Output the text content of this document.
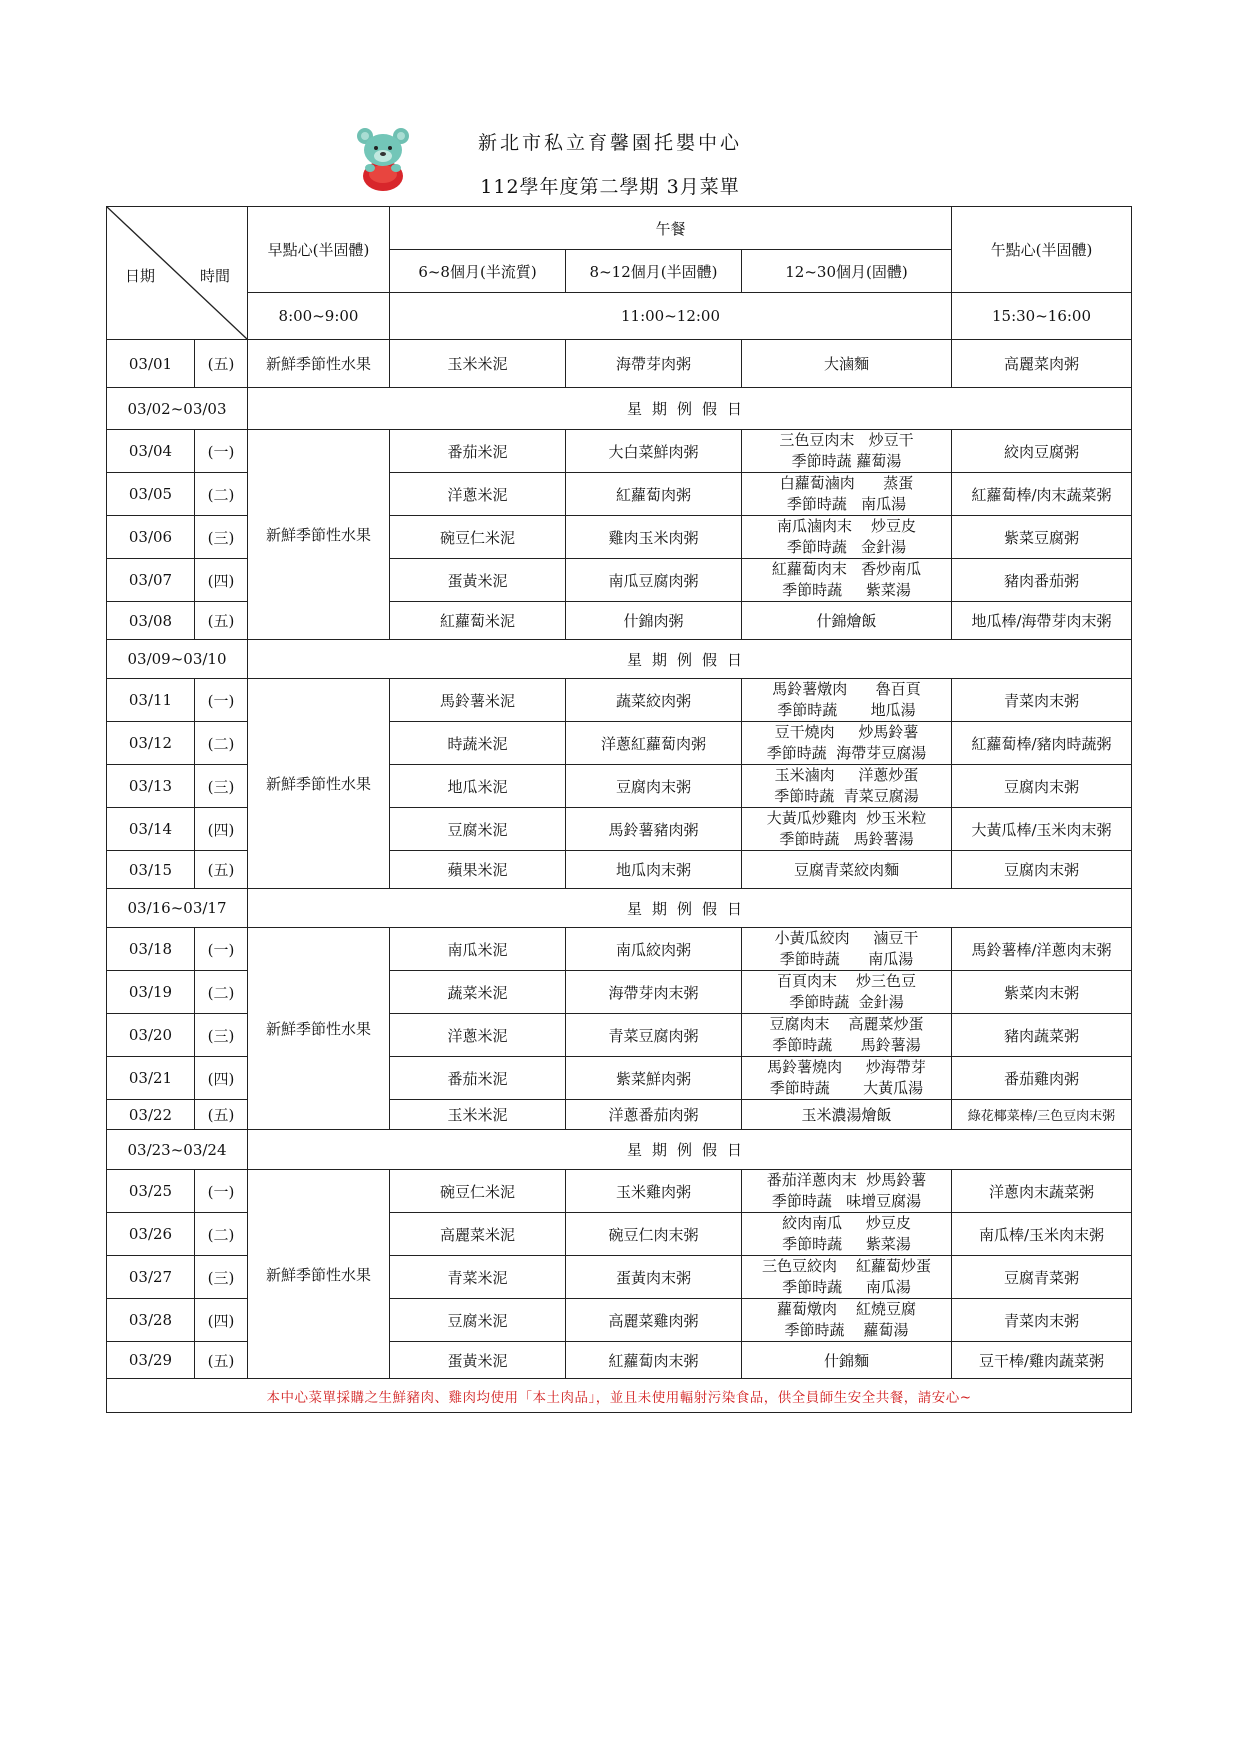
新北市私立育馨園托嬰中心
112學年度第二學期 3月菜單
日期 時間		早點心(半固體)	午餐			午點心(半固體)
			6~8個月(半流質)	8~12個月(半固體)	12~30個月(固體)	
		8:00~9:00	11:00~12:00			15:30~16:00
03/01	(五)	新鮮季節性水果	玉米米泥	海帶芽肉粥	大滷麵	高麗菜肉粥
03/02~03/03		星期例假日				
03/04	(一)	新鮮季節性水果	番茄米泥	大白菜鮮肉粥	三色豆肉末   炒豆干
季節時蔬 蘿蔔湯	絞肉豆腐粥
03/05	(二)		洋蔥米泥	紅蘿蔔肉粥	白蘿蔔滷肉      蒸蛋
季節時蔬   南瓜湯	紅蘿蔔棒/肉末蔬菜粥
03/06	(三)		碗豆仁米泥	雞肉玉米肉粥	南瓜滷肉末    炒豆皮
季節時蔬   金針湯	紫菜豆腐粥
03/07	(四)		蛋黃米泥	南瓜豆腐肉粥	紅蘿蔔肉末   香炒南瓜
季節時蔬     紫菜湯	豬肉番茄粥
03/08	(五)		紅蘿蔔米泥	什錦肉粥	什錦燴飯	地瓜棒/海帶芽肉末粥
03/09~03/10		星期例假日				
03/11	(一)	新鮮季節性水果	馬鈴薯米泥	蔬菜絞肉粥	馬鈴薯燉肉      魯百頁
季節時蔬       地瓜湯	青菜肉末粥
03/12	(二)		時蔬米泥	洋蔥紅蘿蔔肉粥	豆干燒肉     炒馬鈴薯
季節時蔬  海帶芽豆腐湯	紅蘿蔔棒/豬肉時蔬粥
03/13	(三)		地瓜米泥	豆腐肉末粥	玉米滷肉     洋蔥炒蛋
季節時蔬  青菜豆腐湯	豆腐肉末粥
03/14	(四)		豆腐米泥	馬鈴薯豬肉粥	大黃瓜炒雞肉  炒玉米粒
季節時蔬   馬鈴薯湯	大黃瓜棒/玉米肉末粥
03/15	(五)		蘋果米泥	地瓜肉末粥	豆腐青菜絞肉麵	豆腐肉末粥
03/16~03/17		星期例假日				
03/18	(一)	新鮮季節性水果	南瓜米泥	南瓜絞肉粥	小黃瓜絞肉     滷豆干
季節時蔬      南瓜湯	馬鈴薯棒/洋蔥肉末粥
03/19	(二)		蔬菜米泥	海帶芽肉末粥	百頁肉末    炒三色豆
季節時蔬  金針湯	紫菜肉末粥
03/20	(三)		洋蔥米泥	青菜豆腐肉粥	豆腐肉末    高麗菜炒蛋
季節時蔬      馬鈴薯湯	豬肉蔬菜粥
03/21	(四)		番茄米泥	紫菜鮮肉粥	馬鈴薯燒肉     炒海帶芽
季節時蔬       大黃瓜湯	番茄雞肉粥
03/22	(五)		玉米米泥	洋蔥番茄肉粥	玉米濃湯燴飯	綠花椰菜棒/三色豆肉末粥
03/23~03/24		星期例假日				
03/25	(一)	新鮮季節性水果	碗豆仁米泥	玉米雞肉粥	番茄洋蔥肉末  炒馬鈴薯
季節時蔬   味增豆腐湯	洋蔥肉末蔬菜粥
03/26	(二)		高麗菜米泥	碗豆仁肉末粥	絞肉南瓜     炒豆皮
季節時蔬     紫菜湯	南瓜棒/玉米肉末粥
03/27	(三)		青菜米泥	蛋黃肉末粥	三色豆絞肉    紅蘿蔔炒蛋
季節時蔬     南瓜湯	豆腐青菜粥
03/28	(四)		豆腐米泥	高麗菜雞肉粥	蘿蔔燉肉    紅燒豆腐
季節時蔬    蘿蔔湯	青菜肉末粥
03/29	(五)		蛋黃米泥	紅蘿蔔肉末粥	什錦麵	豆干棒/雞肉蔬菜粥
本中心菜單採購之生鮮豬肉、雞肉均使用「本土肉品」，並且未使用輻射污染食品，供全員師生安全共餐，請安心~						
